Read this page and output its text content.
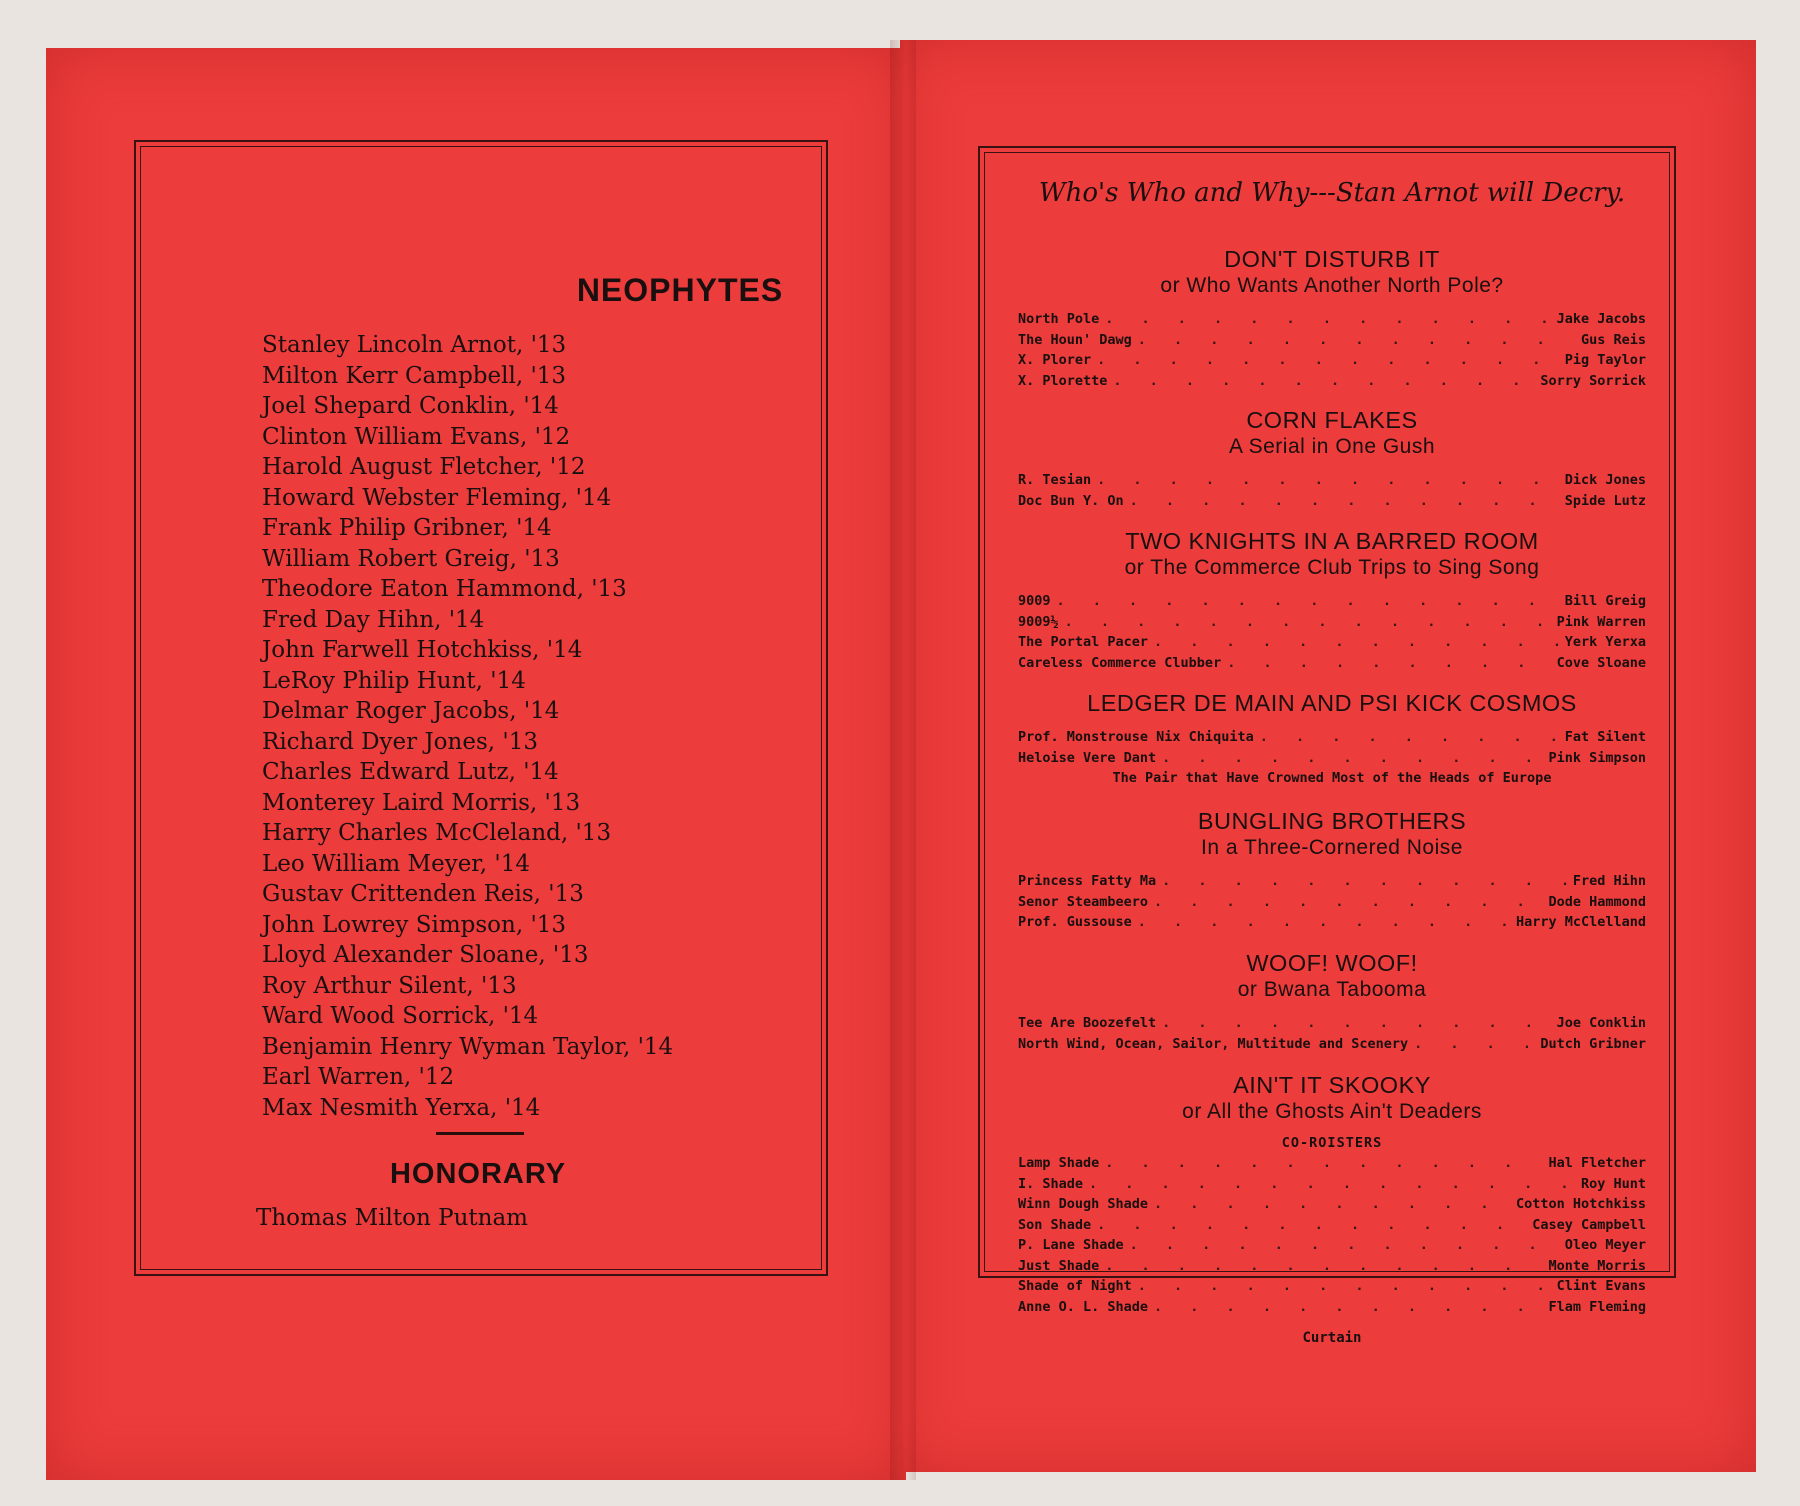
NEOPHYTES
Stanley Lincoln Arnot, '13
Milton Kerr Campbell, '13
Joel Shepard Conklin, '14
Clinton William Evans, '12
Harold August Fletcher, '12
Howard Webster Fleming, '14
Frank Philip Gribner, '14
William Robert Greig, '13
Theodore Eaton Hammond, '13
Fred Day Hihn, '14
John Farwell Hotchkiss, '14
LeRoy Philip Hunt, '14
Delmar Roger Jacobs, '14
Richard Dyer Jones, '13
Charles Edward Lutz, '14
Monterey Laird Morris, '13
Harry Charles McCleland, '13
Leo William Meyer, '14
Gustav Crittenden Reis, '13
John Lowrey Simpson, '13
Lloyd Alexander Sloane, '13
Roy Arthur Silent, '13
Ward Wood Sorrick, '14
Benjamin Henry Wyman Taylor, '14
Earl Warren, '12
Max Nesmith Yerxa, '14
HONORARY
Thomas Milton Putnam
Who's Who and Why---Stan Arnot will Decry.
DON'T DISTURB IT
or Who Wants Another North Pole?
North Pole . . .	Jake Jacobs
The Houn' Dawg . . .	Gus Reis
X. Plorer . . .	Pig Taylor
X. Plorette . . .	Sorry Sorrick
CORN FLAKES
A Serial in One Gush
R. Tesian . . .	Dick Jones
Doc Bun Y. On . . .	Spide Lutz
TWO KNIGHTS IN A BARRED ROOM
or The Commerce Club Trips to Sing Song
9009 . . .	Bill Greig
9009½ . . .	Pink Warren
The Portal Pacer . . .	Yerk Yerxa
Careless Commerce Clubber . . .	Cove Sloane
LEDGER DE MAIN AND PSI KICK COSMOS
Prof. Monstrouse Nix Chiquita . . .	Fat Silent
Heloise Vere Dant . . .	Pink Simpson
The Pair that Have Crowned Most of the Heads of Europe
BUNGLING BROTHERS
In a Three-Cornered Noise
Princess Fatty Ma . . .	Fred Hihn
Senor Steambeero . . .	Dode Hammond
Prof. Gussouse . . .	Harry McClelland
WOOF! WOOF!
or Bwana Tabooma
Tee Are Boozefelt . . .	Joe Conklin
North Wind, Ocean, Sailor, Multitude and Scenery . . .	Dutch Gribner
AIN'T IT SKOOKY
or All the Ghosts Ain't Deaders
CO-ROISTERS
Lamp Shade . . .	Hal Fletcher
I. Shade . . .	Roy Hunt
Winn Dough Shade . . .	Cotton Hotchkiss
Son Shade . . .	Casey Campbell
P. Lane Shade . . .	Oleo Meyer
Just Shade . . .	Monte Morris
Shade of Night . . .	Clint Evans
Anne O. L. Shade . . .	Flam Fleming
Curtain
